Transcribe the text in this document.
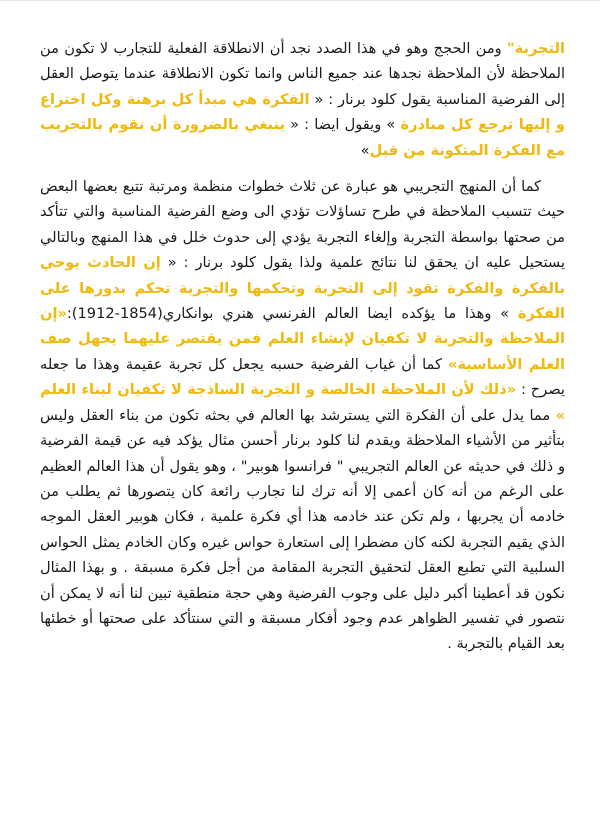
التجربة" ومن الحجج وهو في هذا الصدد نجد أن الانطلاقة الفعلية للتجارب لا تكون من الملاحظة لأن الملاحظة نجدها عند جميع الناس وانما تكون الانطلاقة عندما يتوصل العقل إلى الفرضية المناسبة يقول كلود برنار : « الفكرة هي مبدأ كل برهنة وكل اختراع و إليها ترجع كل مبادرة » ويقول ايضا : « ينبغي بالضرورة أن نقوم بالتجريب مع الفكرة المتكونة من قبل»

كما أن المنهج التجريبي هو عبارة عن ثلاث خطوات منظمة ومرتبة تتبع بعضها البعض حيث تتسبب الملاحظة في طرح تساؤلات تؤدي الى وضع الفرضية المناسبة والتي تتأكد من صحتها بواسطة التجربة وإلغاء التجربة يؤدي إلى حدوث خلل في هذا المنهج وبالتالي يستحيل عليه ان يحقق لنا نتائج علمية ولذا يقول كلود برنار : « إن الحادث يوحي بالفكرة والفكرة تقود إلى التجربة وتحكمها والتجربة تحكم بدورها على الفكرة » وهذا ما يؤكده ايضا العالم الفرنسي هنري بوانكاري(1854-1912):«إن الملاحظة والتجربة لا تكفيان لإنشاء العلم فمن يقتصر عليهما يجهل صف العلم الأساسية» كما أن غياب الفرضية حسبه يجعل كل تجربة عقيمة وهذا ما جعله يصرح : «ذلك لأن الملاحظة الخالصة و التجربة الساذجة لا تكفيان لبناء العلم » مما يدل على أن الفكرة التي يسترشد بها العالم في بحثه تكون من بناء العقل وليس بتأثير من الأشياء الملاحظة ويقدم لنا كلود برنار أحسن مثال يؤكد فيه عن قيمة الفرضية و ذلك في حديثه عن العالم التجريبي " فرانسوا هوبير" ، وهو يقول أن هذا العالم العظيم على الرغم من أنه كان أعمى إلا أنه ترك لنا تجارب رائعة كان يتصورها ثم يطلب من خادمه أن يجربها ، ولم تكن عند خادمه هذا أي فكرة علمية ، فكان هوبير العقل الموجه الذي يقيم التجربة لكنه كان مضطرا إلى استعارة حواس غيره وكان الخادم يمثل الحواس السلبية التي تطبع العقل لتحقيق التجربة المقامة من أجل فكرة مسبقة . و بهذا المثال نكون قد أعطينا أكبر دليل على وجوب الفرضية وهي حجة منطقية تبين لنا أنه لا يمكن أن نتصور في تفسير الظواهر عدم وجود أفكار مسبقة و التي سنتأكد على صحتها أو خطئها بعد القيام بالتجربة .
